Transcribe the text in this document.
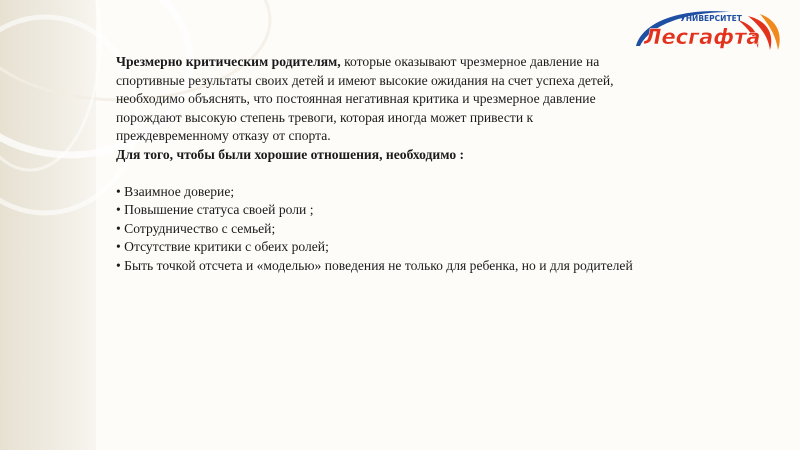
УНИВЕРСИТЕТ
Лесгафта

Чрезмерно критическим родителям, которые оказывают чрезмерное давление на спортивные результаты своих детей и имеют высокие ожидания на счет успеха детей, необходимо объяснять, что постоянная негативная критика и чрезмерное давление порождают высокую степень тревоги, которая иногда может привести к преждевременному отказу от спорта.

Для того, чтобы были хорошие отношения, необходимо :

• Взаимное доверие;
• Повышение статуса своей роли ;
• Сотрудничество с семьей;
• Отсутствие критики с обеих ролей;
• Быть точкой отсчета и «моделью» поведения не только для ребенка, но и для родителей
